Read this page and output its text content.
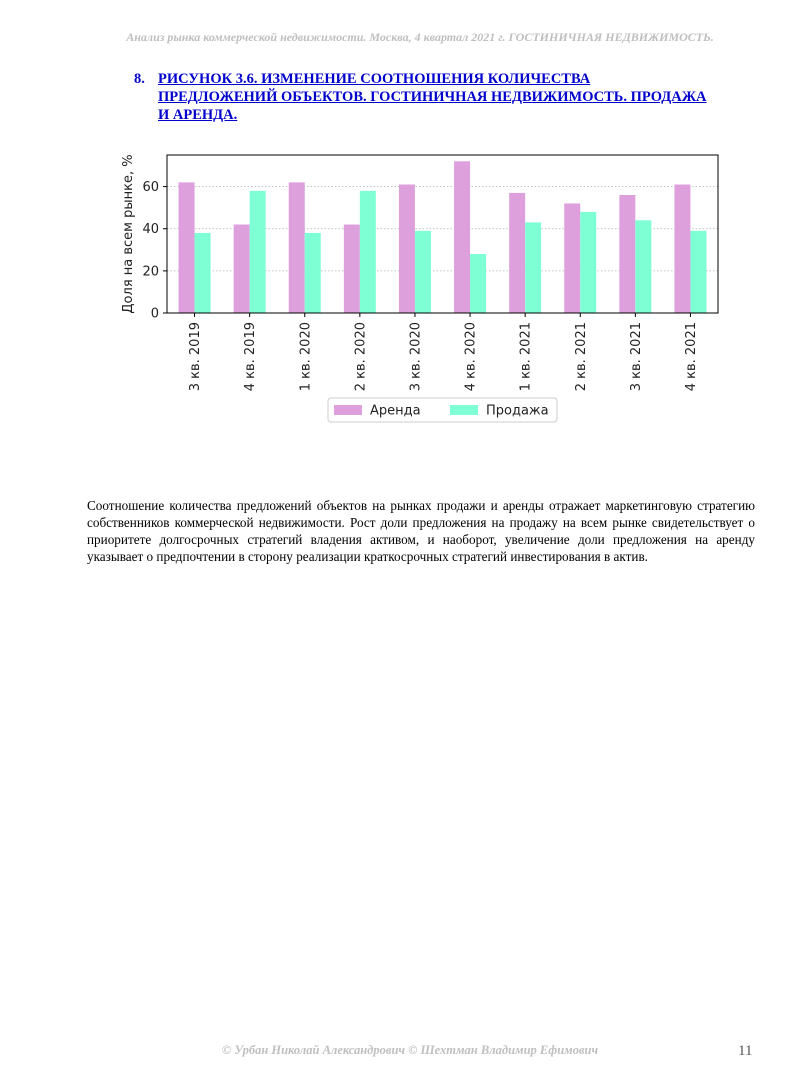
Анализ рынка коммерческой недвижимости. Москва, 4 квартал 2021 г. ГОСТИНИЧНАЯ НЕДВИЖИМОСТЬ.
8. РИСУНОК 3.6. ИЗМЕНЕНИЕ СООТНОШЕНИЯ КОЛИЧЕСТВА ПРЕДЛОЖЕНИЙ ОБЪЕКТОВ. ГОСТИНИЧНАЯ НЕДВИЖИМОСТЬ. ПРОДАЖА И АРЕНДА.
0
20
40
60
3 кв. 2019	4 кв. 2019	1 кв. 2020	2 кв. 2020	3 кв. 2020	4 кв. 2020	1 кв. 2021	2 кв. 2021	3 кв. 2021	4 кв. 2021
Доля на всем рынке, %
Аренда	Продажа
Соотношение количества предложений объектов на рынках продажи и аренды отражает маркетинговую стратегию собственников коммерческой недвижимости. Рост доли предложения на продажу на всем рынке свидетельствует о приоритете долгосрочных стратегий владения активом, и наоборот, увеличение доли предложения на аренду указывает о предпочтении в сторону реализации краткосрочных стратегий инвестирования в актив.
© Урбан Николай Александрович © Шехтман Владимир Ефимович	11
